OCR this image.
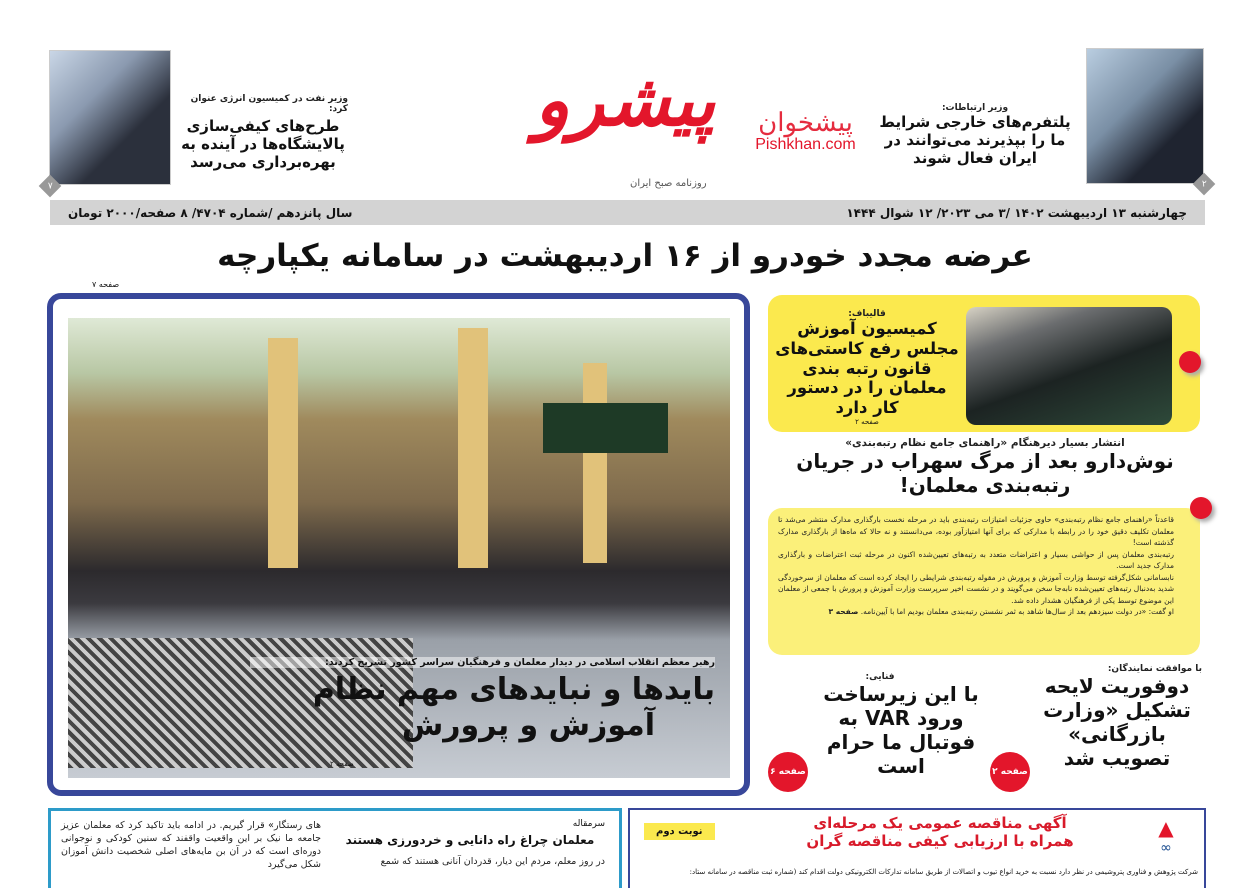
۲
وزیر ارتباطات:
پلتفرم‌های خارجی شرایط ما را بپذیرند می‌توانند در ایران فعال شوند
۷
وزیر نفت در کمیسیون انرژی عنوان کرد:
طرح‌های کیفی‌سازی پالایشگاه‌ها در آینده به بهره‌برداری می‌رسد
پیشرو
روزنامه صبح ایران
پیشخوان
Pishkhan.com
سال پانزدهم /شماره ۴۷۰۴/ ۸ صفحه/۲۰۰۰ تومان	چهارشنبه ۱۳ اردیبهشت ۱۴۰۲ /۳ می ۲۰۲۳/ ۱۲ شوال ۱۴۴۴
عرضه مجدد خودرو از ۱۶ اردیبهشت در سامانه یکپارچه
صفحه ۷
رهبر معظم انقلاب اسلامی در دیدار معلمان و فرهنگیان سراسر کشور تشریح کردند:
بایدها و نبایدهای مهم نظام
آموزش و پرورش
صفحه ۲
قالیباف:
کمیسیون آموزش مجلس رفع کاستی‌های قانون رتبه بندی معلمان را در دستور کار دارد
صفحه ۲
انتشار بسیار دیرهنگام «راهنمای جامع نظام رتبه‌بندی»
نوش‌دارو بعد از مرگ سهراب در جریان رتبه‌بندی معلمان!

قاعدتاً «راهنمای جامع نظام رتبه‌بندی» حاوی جزئیات امتیازات رتبه‌بندی باید در مرحله نخست بارگذاری مدارک منتشر می‌شد تا معلمان تکلیف دقیق خود را در رابطه با مدارکی که برای آنها امتیازآور بوده، می‌دانستند و نه حالا که ماه‌ها از بارگذاری مدارک گذشته است!

رتبه‌بندی معلمان پس از حواشی بسیار و اعتراضات متعدد به رتبه‌های تعیین‌شده اکنون در مرحله ثبت اعتراضات و بارگذاری مدارک جدید است.

نابسامانی شکل‌گرفته توسط وزارت آموزش و پرورش در مقوله رتبه‌بندی شرایطی را ایجاد کرده است که معلمان از سرخوردگی شدید به‌دنبال رتبه‌های تعیین‌شده نابه‌جا سخن می‌گویند و در نشست اخیر سرپرست وزارت آموزش و پرورش با جمعی از معلمان این موضوع توسط یکی از فرهنگیان هشدار داده شد.

او گفت: «در دولت سیزدهم بعد از سال‌ها شاهد به ثمر نشستن رتبه‌بندی معلمان بودیم اما با آیین‌نامه. صفحه ۳

فنایی:
با این زیرساخت ورود VAR به فوتبال ما حرام است
صفحه ۶
با موافقت نمایندگان:
دوفوریت لایحه تشکیل «وزارت بازرگانی» تصویب شد
صفحه ۲
های رستگار» قرار گیریم. در ادامه باید تاکید کرد که معلمان عزیز جامعه ما نیک بر این واقعیت واقفند که سنین کودکی و نوجوانی دوره‌ای است که در آن بن مایه‌های اصلی شخصیت دانش آموزان شکل می‌گیرد
سرمقاله
معلمان چراغ راه دانایی و خردورزی هستند
در روز معلم، مردم این دیار، قدردان آنانی هستند که شمع
▲
∞
آگهی مناقصه عمومی یک مرحله‌ای
همراه با ارزیابی کیفی مناقصه گران
نوبت دوم
شرکت پژوهش و فناوری پتروشیمی در نظر دارد نسبت به خرید انواع تیوب و اتصالات از طریق سامانه تدارکات الکترونیکی دولت اقدام کند (شماره ثبت مناقصه در سامانه ستاد:
